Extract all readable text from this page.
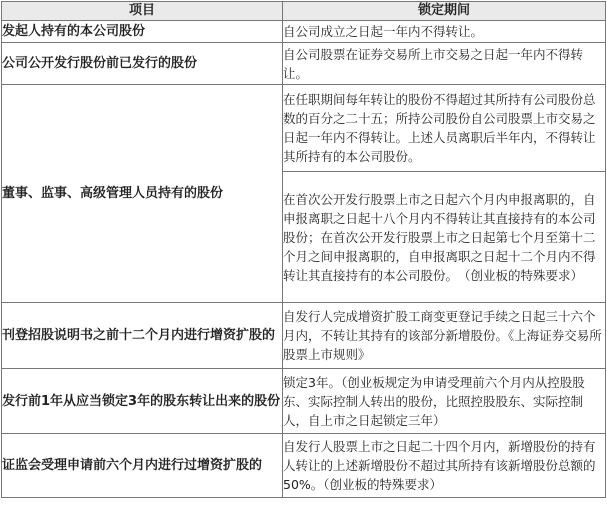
项目	锁定期间
发起人持有的本公司股份	自公司成立之日起一年内不得转让。
公司公开发行股份前已发行的股份	自公司股票在证券交易所上市交易之日起一年内不得转让。
董事、监事、高级管理人员持有的股份	在任职期间每年转让的股份不得超过其所持有公司股份总数的百分之二十五；所持公司股份自公司股票上市交易之日起一年内不得转让。上述人员离职后半年内，不得转让其所持有的本公司股份。
	在首次公开发行股票上市之日起六个月内申报离职的，自申报离职之日起十八个月内不得转让其直接持有的本公司股份；在首次公开发行股票上市之日起第七个月至第十二个月之间申报离职的，自申报离职之日起十二个月内不得转让其直接持有的本公司股份。　（创业板的特殊要求）
刊登招股说明书之前十二个月内进行增资扩股的	自发行人完成增资扩股工商变更登记手续之日起三十六个月内，不转让其持有的该部分新增股份。《上海证券交易所股票上市规则》
发行前1年从应当锁定3年的股东转让出来的股份	锁定3年。（创业板规定为申请受理前六个月内从控股股东、实际控制人转出的股份，比照控股股东、实际控制人，自上市之日起锁定三年）
证监会受理申请前六个月内进行过增资扩股的	自发行人股票上市之日起二十四个月内，新增股份的持有人转让的上述新增股份不超过其所持有该新增股份总额的50%。（创业板的特殊要求）
